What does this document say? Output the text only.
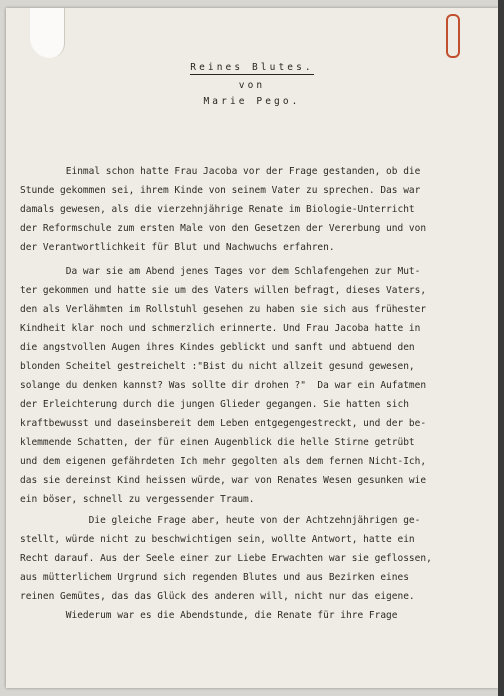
Reines Blutes.
von
Marie Pego.
Einmal schon hatte Frau Jacoba vor der Frage gestanden, ob die
Stunde gekommen sei, ihrem Kinde von seinem Vater zu sprechen. Das war
damals gewesen, als die vierzehnjährige Renate im Biologie-Unterricht
der Reformschule zum ersten Male von den Gesetzen der Vererbung und von
der Verantwortlichkeit für Blut und Nachwuchs erfahren.
Da war sie am Abend jenes Tages vor dem Schlafengehen zur Mut-
ter gekommen und hatte sie um des Vaters willen befragt, dieses Vaters,
den als Verlähmten im Rollstuhl gesehen zu haben sie sich aus frühester
Kindheit klar noch und schmerzlich erinnerte. Und Frau Jacoba hatte in
die angstvollen Augen ihres Kindes geblickt und sanft und abtuend den
blonden Scheitel gestreichelt :"Bist du nicht allzeit gesund gewesen,
solange du denken kannst? Was sollte dir drohen ?"  Da war ein Aufatmen
der Erleichterung durch die jungen Glieder gegangen. Sie hatten sich
kraftbewusst und daseinsbereit dem Leben entgegengestreckt, und der be-
klemmende Schatten, der für einen Augenblick die helle Stirne getrübt
und dem eigenen gefährdeten Ich mehr gegolten als dem fernen Nicht-Ich,
das sie dereinst Kind heissen würde, war von Renates Wesen gesunken wie
ein böser, schnell zu vergessender Traum.
Die gleiche Frage aber, heute von der Achtzehnjährigen ge-
stellt, würde nicht zu beschwichtigen sein, wollte Antwort, hatte ein
Recht darauf. Aus der Seele einer zur Liebe Erwachten war sie geflossen,
aus mütterlichem Urgrund sich regenden Blutes und aus Bezirken eines
reinen Gemütes, das das Glück des anderen will, nicht nur das eigene.
Wiederum war es die Abendstunde, die Renate für ihre Frage
